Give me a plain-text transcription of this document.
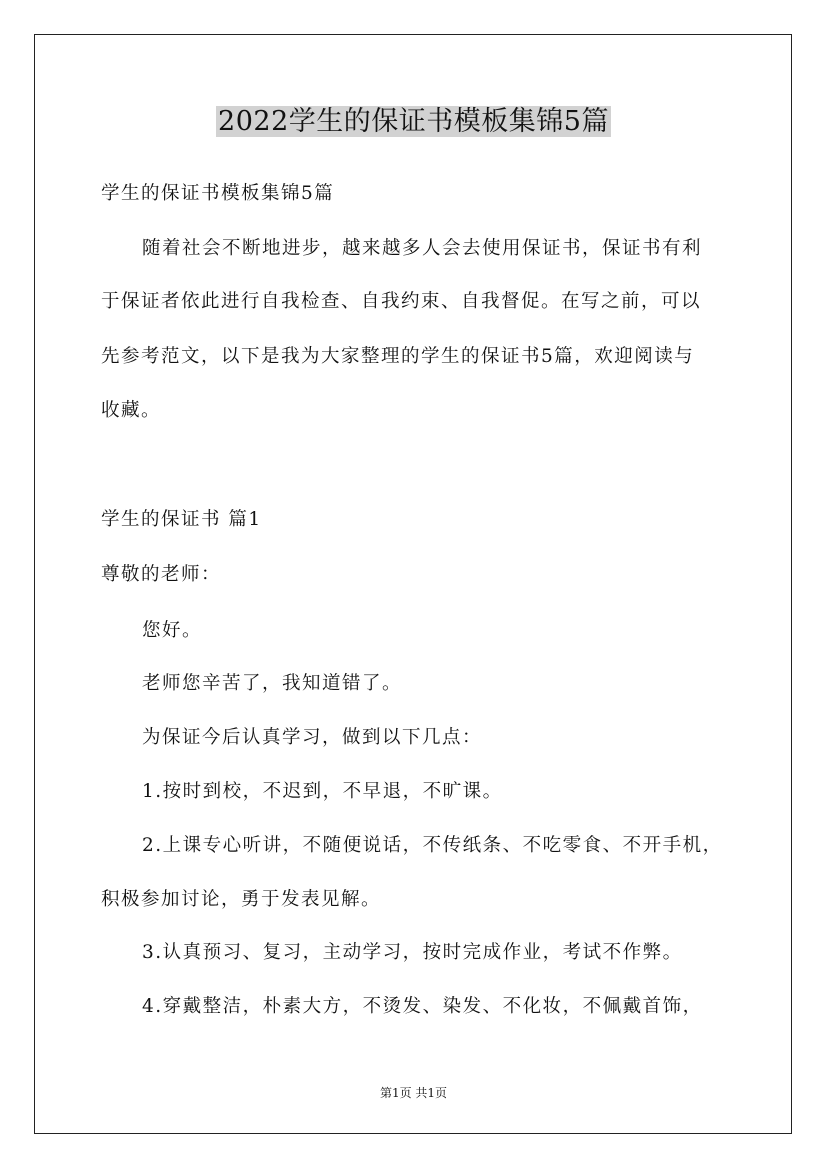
2022学生的保证书模板集锦5篇
学生的保证书模板集锦5篇
随着社会不断地进步，越来越多人会去使用保证书，保证书有利
于保证者依此进行自我检查、自我约束、自我督促。在写之前，可以
先参考范文，以下是我为大家整理的学生的保证书5篇，欢迎阅读与
收藏。
学生的保证书 篇1
尊敬的老师：
您好。
老师您辛苦了，我知道错了。
为保证今后认真学习，做到以下几点：
1.按时到校，不迟到，不早退，不旷课。
2.上课专心听讲，不随便说话，不传纸条、不吃零食、不开手机，
积极参加讨论，勇于发表见解。
3.认真预习、复习，主动学习，按时完成作业，考试不作弊。
4.穿戴整洁，朴素大方，不烫发、染发、不化妆，不佩戴首饰，
第1页 共1页
